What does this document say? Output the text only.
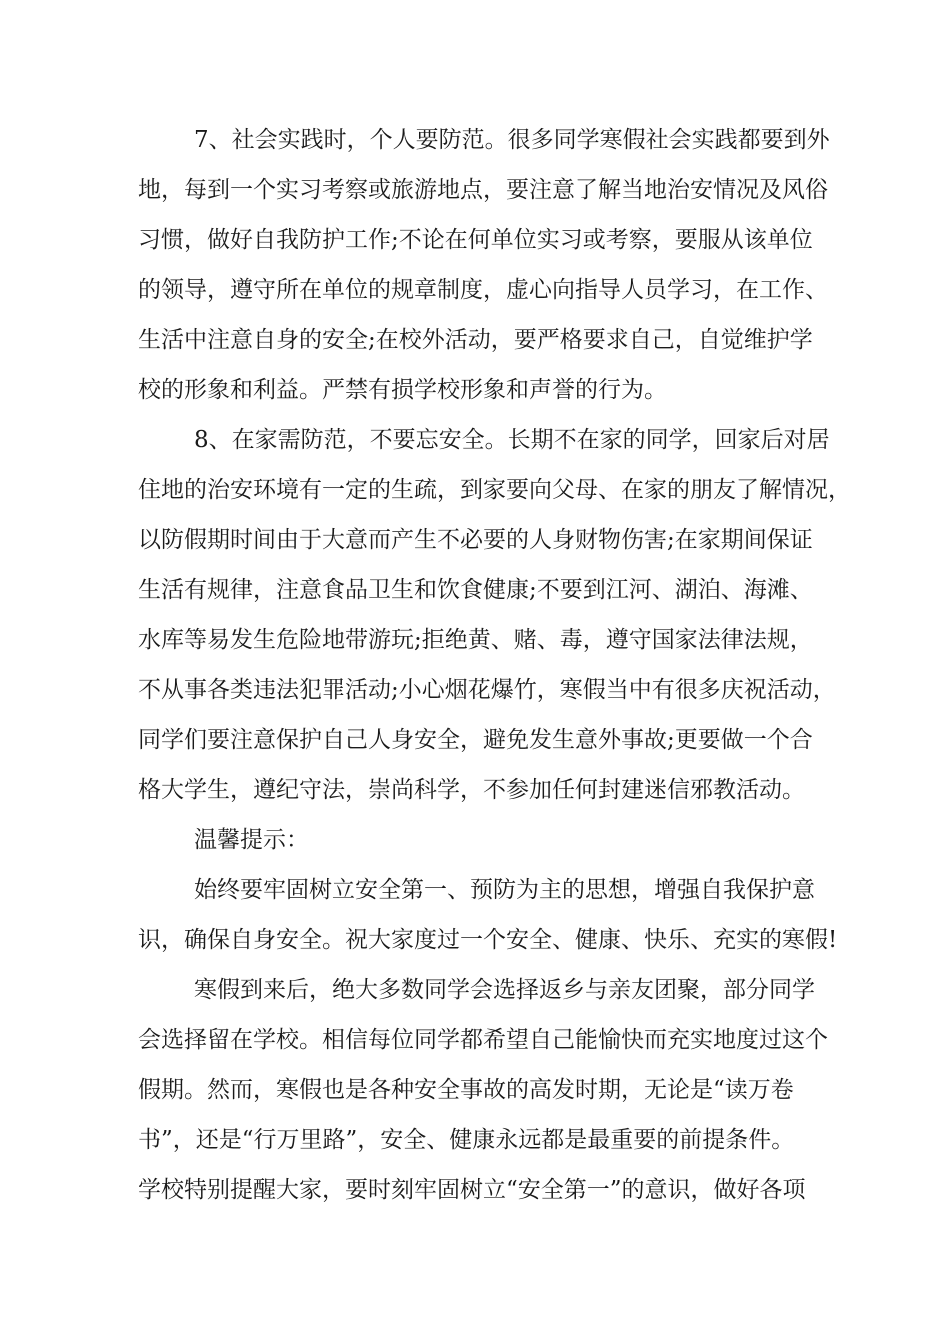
7、社会实践时，个人要防范。很多同学寒假社会实践都要到外
地，每到一个实习考察或旅游地点，要注意了解当地治安情况及风俗
习惯，做好自我防护工作;不论在何单位实习或考察，要服从该单位
的领导，遵守所在单位的规章制度，虚心向指导人员学习，在工作、
生活中注意自身的安全;在校外活动，要严格要求自己，自觉维护学
校的形象和利益。严禁有损学校形象和声誉的行为。
8、在家需防范，不要忘安全。长期不在家的同学，回家后对居
住地的治安环境有一定的生疏，到家要向父母、在家的朋友了解情况，
以防假期时间由于大意而产生不必要的人身财物伤害;在家期间保证
生活有规律，注意食品卫生和饮食健康;不要到江河、湖泊、海滩、
水库等易发生危险地带游玩;拒绝黄、赌、毒，遵守国家法律法规，
不从事各类违法犯罪活动;小心烟花爆竹，寒假当中有很多庆祝活动，
同学们要注意保护自己人身安全，避免发生意外事故;更要做一个合
格大学生，遵纪守法，崇尚科学，不参加任何封建迷信邪教活动。
温馨提示：
始终要牢固树立安全第一、预防为主的思想，增强自我保护意
识，确保自身安全。祝大家度过一个安全、健康、快乐、充实的寒假!
寒假到来后，绝大多数同学会选择返乡与亲友团聚，部分同学
会选择留在学校。相信每位同学都希望自己能愉快而充实地度过这个
假期。然而，寒假也是各种安全事故的高发时期，无论是“读万卷
书”，还是“行万里路”，安全、健康永远都是最重要的前提条件。
学校特别提醒大家，要时刻牢固树立“安全第一”的意识，做好各项
